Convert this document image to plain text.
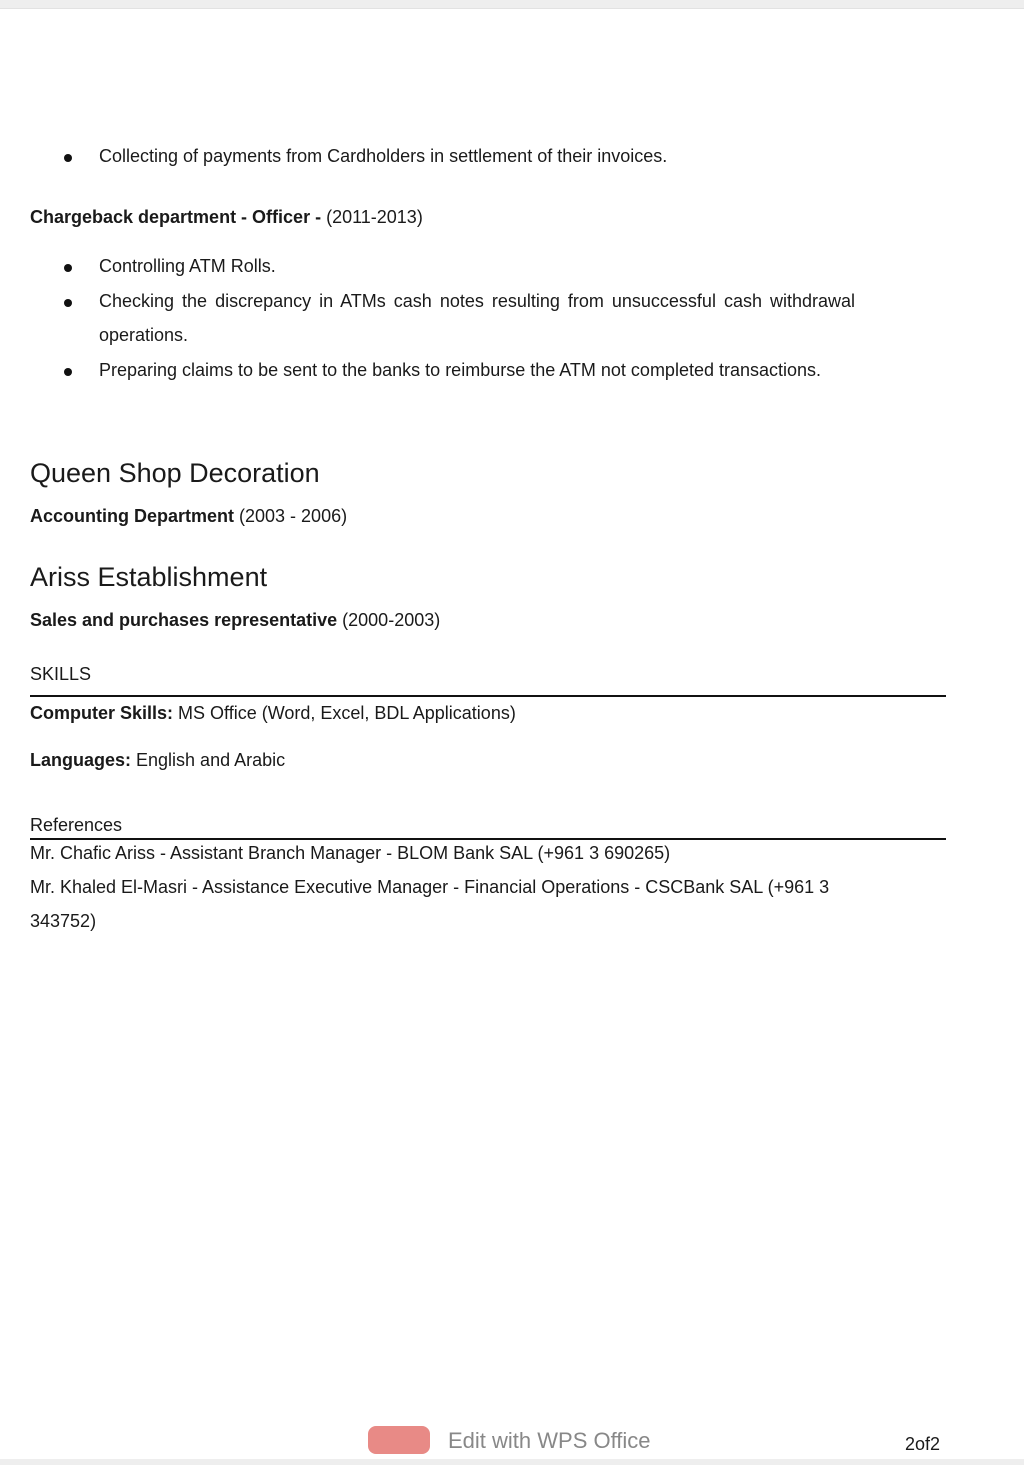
Collecting of payments from Cardholders in settlement of their invoices.
Chargeback department - Officer - (2011-2013)
Controlling ATM Rolls.
Checking the discrepancy in ATMs cash notes resulting from unsuccessful cash withdrawal
operations.
Preparing claims to be sent to the banks to reimburse the ATM not completed transactions.
Queen Shop Decoration
Accounting Department (2003 - 2006)
Ariss Establishment
Sales and purchases representative (2000-2003)
SKILLS
Computer Skills: MS Office (Word, Excel, BDL Applications)
Languages: English and Arabic
References
Mr. Chafic Ariss - Assistant Branch Manager - BLOM Bank SAL (+961 3 690265)
Mr. Khaled El-Masri - Assistance Executive Manager - Financial Operations - CSCBank SAL (+961 3
343752)
2of2
Edit with WPS Office
